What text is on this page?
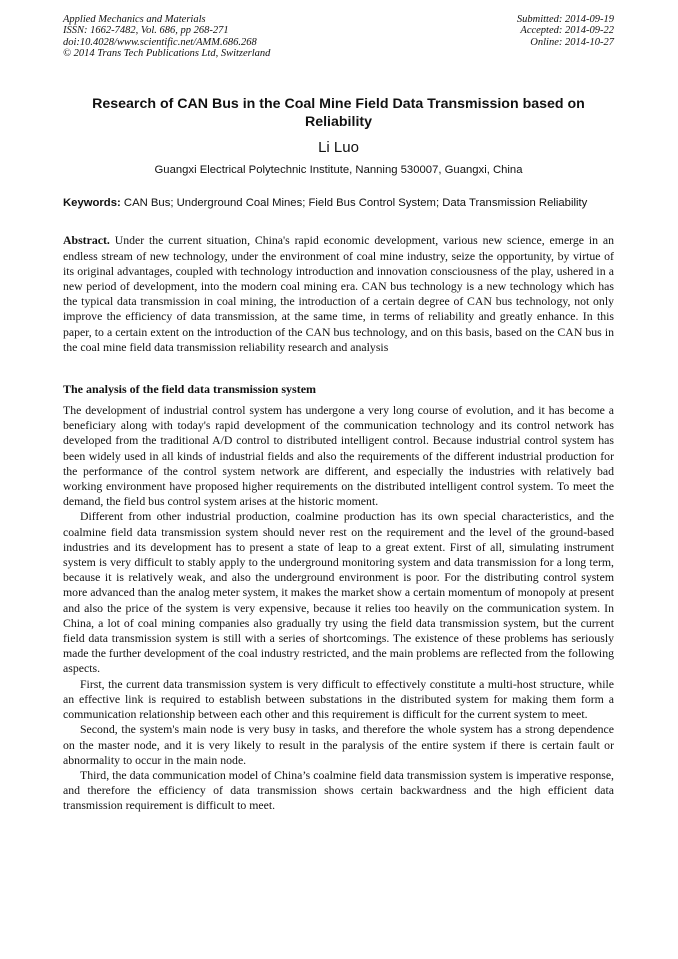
Applied Mechanics and Materials
ISSN: 1662-7482, Vol. 686, pp 268-271
doi:10.4028/www.scientific.net/AMM.686.268
© 2014 Trans Tech Publications Ltd, Switzerland
Submitted: 2014-09-19
Accepted: 2014-09-22
Online: 2014-10-27
Research of CAN Bus in the Coal Mine Field Data Transmission based on Reliability
Li Luo
Guangxi Electrical Polytechnic Institute, Nanning 530007, Guangxi, China
Keywords: CAN Bus; Underground Coal Mines; Field Bus Control System; Data Transmission Reliability
Abstract. Under the current situation, China's rapid economic development, various new science, emerge in an endless stream of new technology, under the environment of coal mine industry, seize the opportunity, by virtue of its original advantages, coupled with technology introduction and innovation consciousness of the play, ushered in a new period of development, into the modern coal mining era. CAN bus technology is a new technology which has the typical data transmission in coal mining, the introduction of a certain degree of CAN bus technology, not only improve the efficiency of data transmission, at the same time, in terms of reliability and greatly enhance. In this paper, to a certain extent on the introduction of the CAN bus technology, and on this basis, based on the CAN bus in the coal mine field data transmission reliability research and analysis
The analysis of the field data transmission system

The development of industrial control system has undergone a very long course of evolution, and it has become a beneficiary along with today's rapid development of the communication technology and its control network has developed from the traditional A/D control to distributed intelligent control. Because industrial control system has been widely used in all kinds of industrial fields and also the requirements of the different industrial production for the performance of the control system network are different, and especially the industries with relatively bad working environment have proposed higher requirements on the distributed intelligent control system. To meet the demand, the field bus control system arises at the historic moment.

Different from other industrial production, coalmine production has its own special characteristics, and the coalmine field data transmission system should never rest on the requirement and the level of the ground-based industries and its development has to present a state of leap to a great extent. First of all, simulating instrument system is very difficult to stably apply to the underground monitoring system and data transmission for a long term, because it is relatively weak, and also the underground environment is poor. For the distributing control system more advanced than the analog meter system, it makes the market show a certain momentum of monopoly at present and also the price of the system is very expensive, because it relies too heavily on the communication system. In China, a lot of coal mining companies also gradually try using the field data transmission system, but the current field data transmission system is still with a series of shortcomings. The existence of these problems has seriously made the further development of the coal industry restricted, and the main problems are reflected from the following aspects.

First, the current data transmission system is very difficult to effectively constitute a multi-host structure, while an effective link is required to establish between substations in the distributed system for making them form a communication relationship between each other and this requirement is difficult for the current system to meet.

Second, the system's main node is very busy in tasks, and therefore the whole system has a strong dependence on the master node, and it is very likely to result in the paralysis of the entire system if there is certain fault or abnormality to occur in the main node.

Third, the data communication model of China’s coalmine field data transmission system is imperative response, and therefore the efficiency of data transmission shows certain backwardness and the high efficient data transmission requirement is difficult to meet.
